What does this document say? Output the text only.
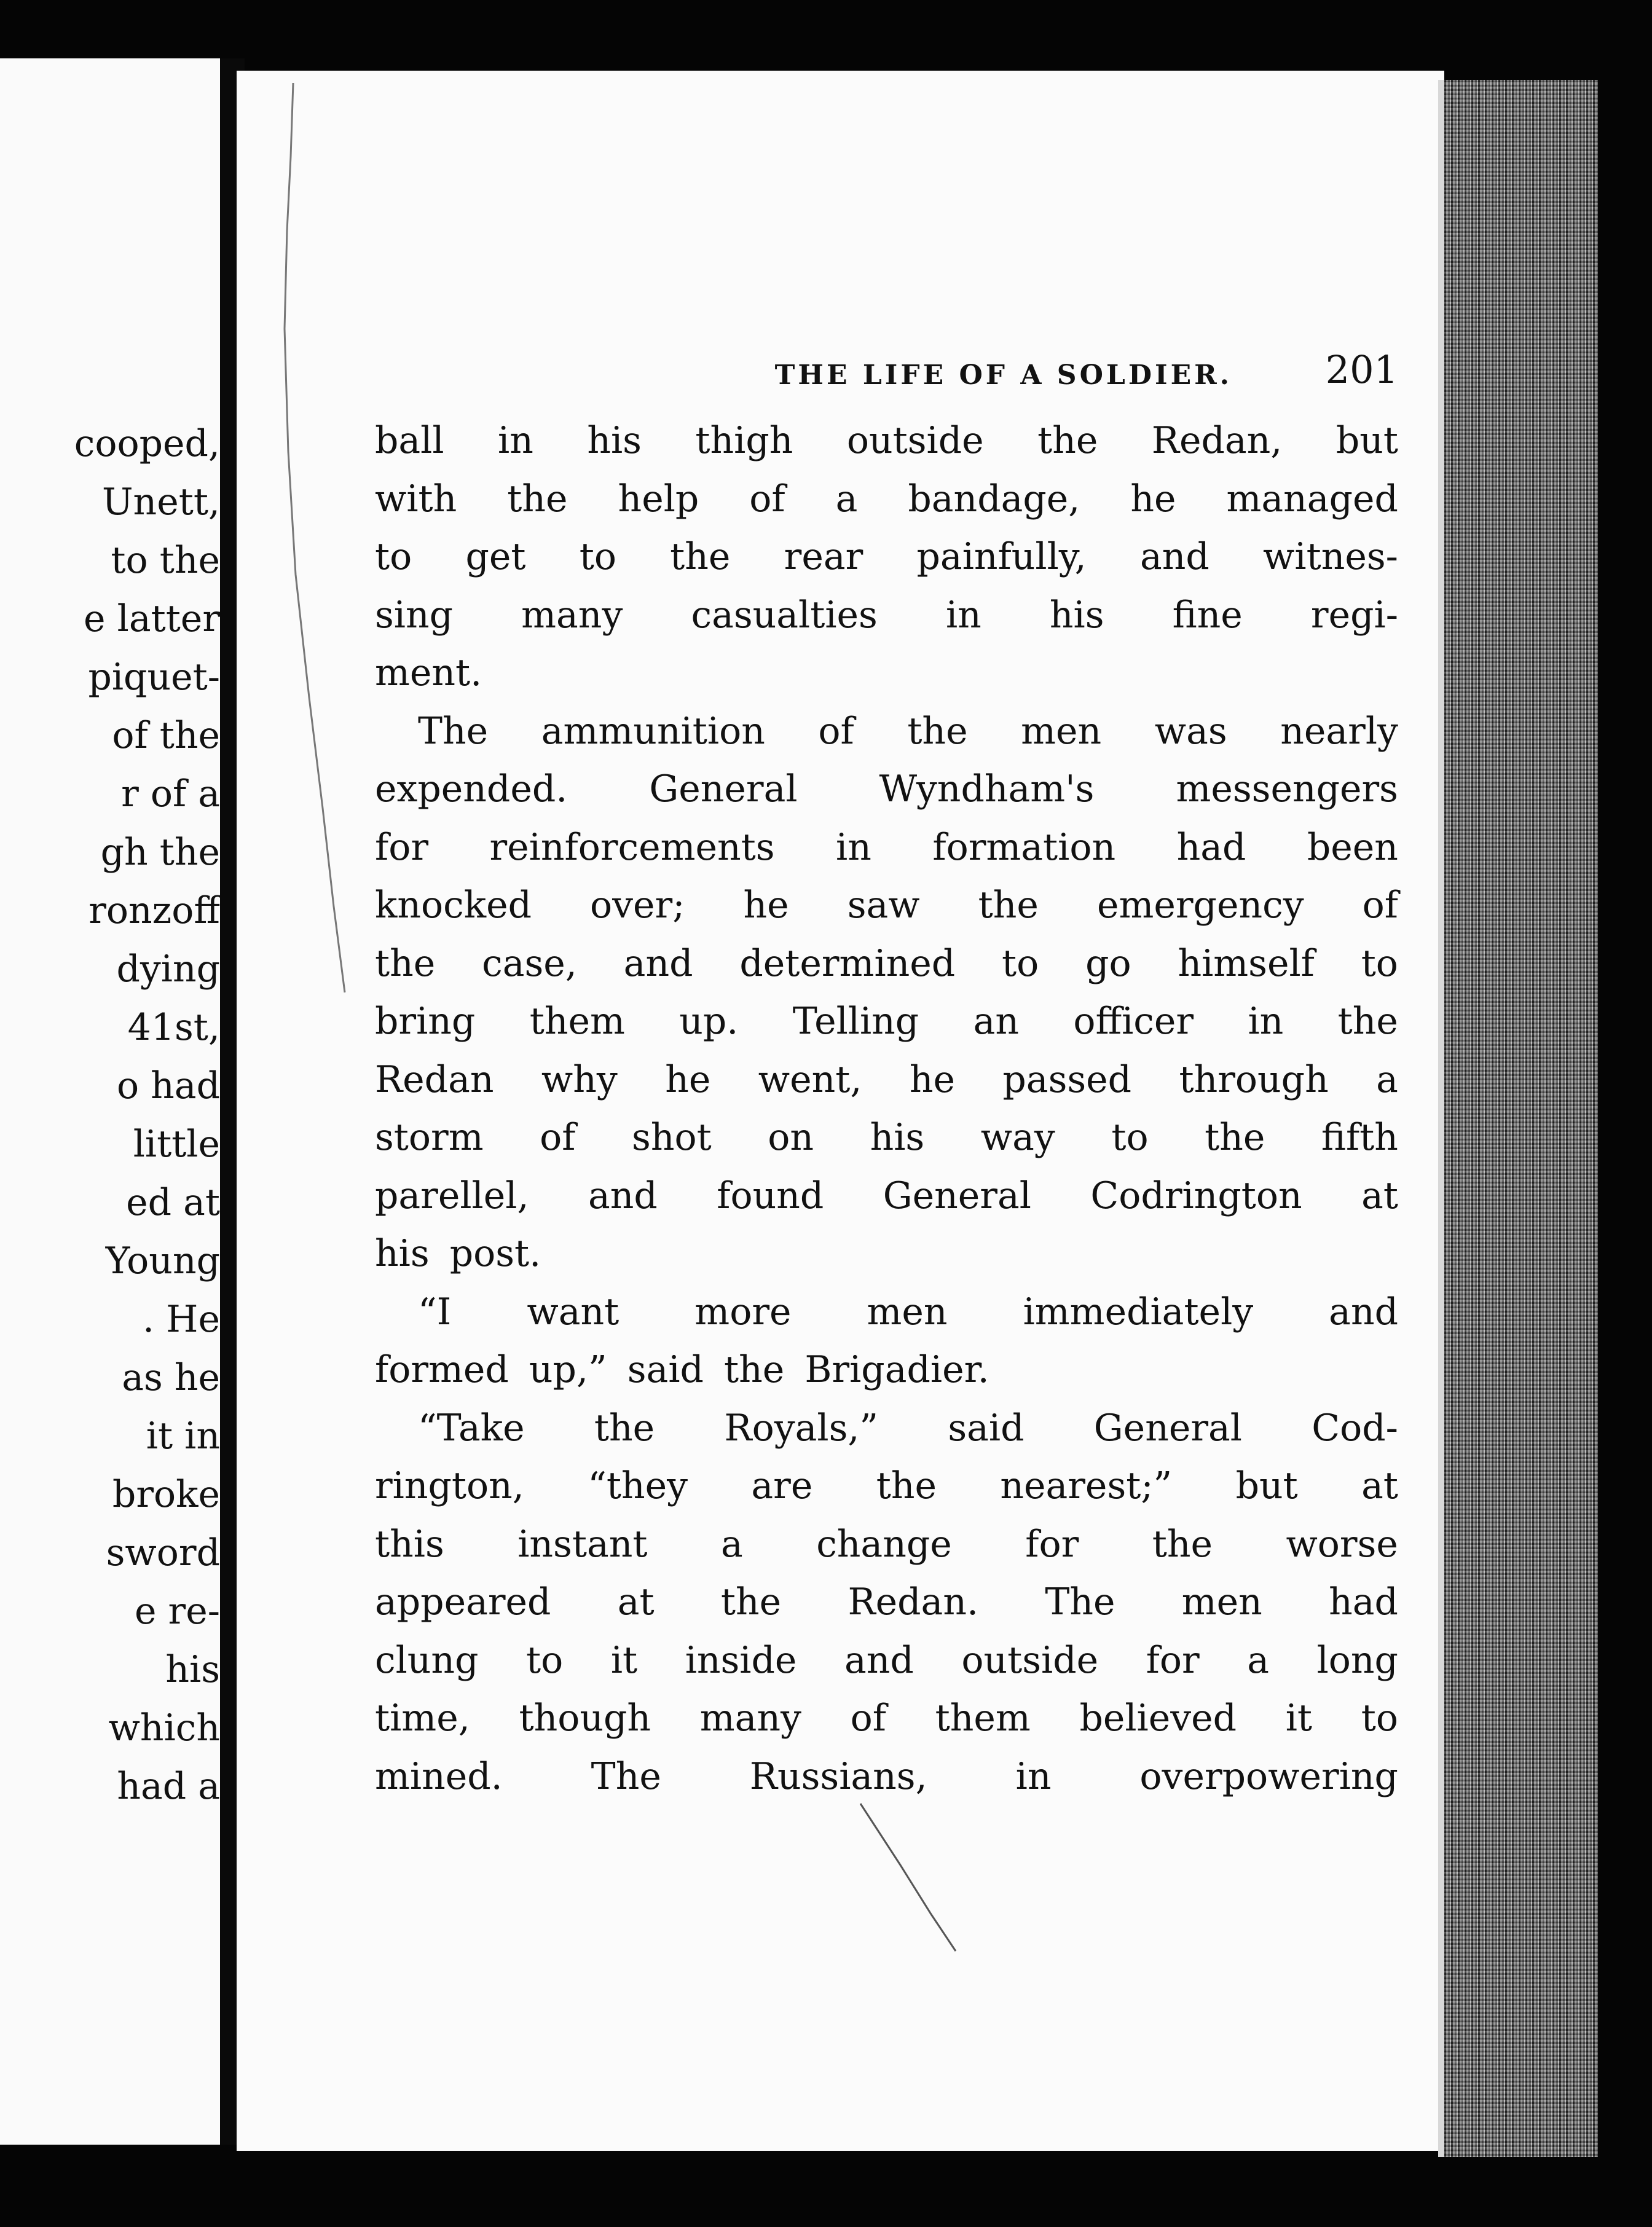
cooped,
Unett,
to the
e latter
piquet-
of the
r of a
gh the
ronzoff
dying
41st,
o had
little
ed at
Young
. He
as he
it in
broke
sword
e re-
his
which
had a
THE LIFE OF A SOLDIER. 201
ball in his thigh outside the Redan, but
with the help of a bandage, he managed
to get to the rear painfully, and witnes-
sing many casualties in his fine regi-
ment.
The ammunition of the men was nearly
expended. General Wyndham's messengers
for reinforcements in formation had been
knocked over; he saw the emergency of
the case, and determined to go himself to
bring them up. Telling an officer in the
Redan why he went, he passed through a
storm of shot on his way to the fifth
parellel, and found General Codrington at
his post.
“I want more men immediately and
formed up,” said the Brigadier.
“Take the Royals,” said General Cod-
rington, “they are the nearest;” but at
this instant a change for the worse
appeared at the Redan. The men had
clung to it inside and outside for a long
time, though many of them believed it to
mined. The Russians, in overpowering
